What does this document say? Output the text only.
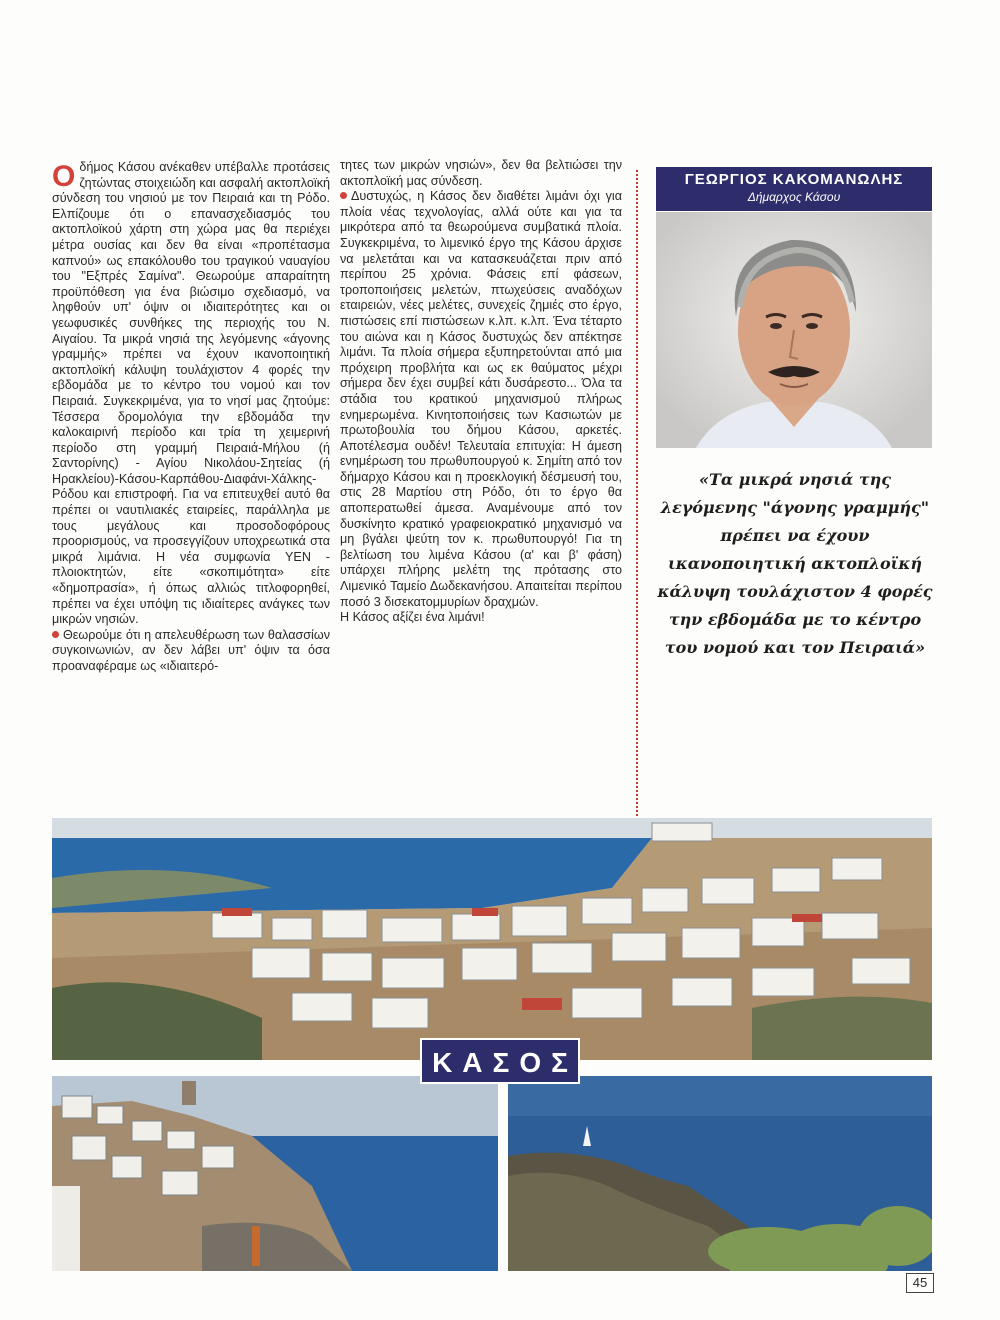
Οδήμος Κάσου ανέκαθεν υπέβαλλε προτάσεις ζητώντας στοιχειώδη και ασφαλή ακτοπλοϊκή σύνδεση του νησιού με τον Πειραιά και τη Ρόδο. Ελπίζουμε ότι ο επανασχεδιασμός του ακτοπλοϊκού χάρτη στη χώρα μας θα περιέχει μέτρα ουσίας και δεν θα είναι «προπέτασμα καπνού» ως επακόλουθο του τραγικού ναυαγίου του "Εξπρές Σαμίνα". Θεωρούμε απαραίτητη προϋπόθεση για ένα βιώσιμο σχεδιασμό, να ληφθούν υπ' όψιν οι ιδιαιτερότητες και οι γεωφυσικές συνθήκες της περιοχής του Ν. Αιγαίου. Τα μικρά νησιά της λεγόμενης «άγονης γραμμής» πρέπει να έχουν ικανοποιητική ακτοπλοϊκή κάλυψη τουλάχιστον 4 φορές την εβδομάδα με το κέντρο του νομού και τον Πειραιά. Συγκεκριμένα, για το νησί μας ζητούμε: Τέσσερα δρομολόγια την εβδομάδα την καλοκαιρινή περίοδο και τρία τη χειμερινή περίοδο στη γραμμή Πειραιά-Μήλου (ή Σαντορίνης) - Αγίου Νικολάου-Σητείας (ή Ηρακλείου)-Κάσου-Καρπάθου-Διαφάνι-Χάλκης-Ρόδου και επιστροφή. Για να επιτευχθεί αυτό θα πρέπει οι ναυτιλιακές εταιρείες, παράλληλα με τους μεγάλους και προσοδοφόρους προορισμούς, να προσεγγίζουν υποχρεωτικά στα μικρά λιμάνια. Η νέα συμφωνία ΥΕΝ - πλοιοκτητών, είτε «σκοπιμότητα» είτε «δημοπρασία», ή όπως αλλιώς τιτλοφορηθεί, πρέπει να έχει υπόψη τις ιδιαίτερες ανάγκες των μικρών νησιών.

Θεωρούμε ότι η απελευθέρωση των θαλασσίων συγκοινωνιών, αν δεν λάβει υπ' όψιν τα όσα προαναφέραμε ως «ιδιαιτερό-

τητες των μικρών νησιών», δεν θα βελτιώσει την ακτοπλοϊκή μας σύνδεση.

Δυστυχώς, η Κάσος δεν διαθέτει λιμάνι όχι για πλοία νέας τεχνολογίας, αλλά ούτε και για τα μικρότερα από τα θεωρούμενα συμβατικά πλοία. Συγκεκριμένα, το λιμενικό έργο της Κάσου άρχισε να μελετάται και να κατασκευάζεται πριν από περίπου 25 χρόνια. Φάσεις επί φάσεων, τροποποιήσεις μελετών, πτωχεύσεις αναδόχων εταιρειών, νέες μελέτες, συνεχείς ζημιές στο έργο, πιστώσεις επί πιστώσεων κ.λπ. κ.λπ. Ένα τέταρτο του αιώνα και η Κάσος δυστυχώς δεν απέκτησε λιμάνι. Τα πλοία σήμερα εξυπηρετούνται από μια πρόχειρη προβλήτα και ως εκ θαύματος μέχρι σήμερα δεν έχει συμβεί κάτι δυσάρεστο... Όλα τα στάδια του κρατικού μηχανισμού πλήρως ενημερωμένα. Κινητοποιήσεις των Κασιωτών με πρωτοβουλία του δήμου Κάσου, αρκετές. Αποτέλεσμα ουδέν! Τελευταία επιτυχία: Η άμεση ενημέρωση του πρωθυπουργού κ. Σημίτη από τον δήμαρχο Κάσου και η προεκλογική δέσμευσή του, στις 28 Μαρτίου στη Ρόδο, ότι το έργο θα αποπερατωθεί άμεσα. Αναμένουμε από τον δυσκίνητο κρατικό γραφειοκρατικό μηχανισμό να μη βγάλει ψεύτη τον κ. πρωθυπουργό! Για τη βελτίωση του λιμένα Κάσου (α' και β' φάση) υπάρχει πλήρης μελέτη της πρότασης στο Λιμενικό Ταμείο Δωδεκανήσου. Απαιτείται περίπου ποσό 3 δισεκατομμυρίων δραχμών.

Η Κάσος αξίζει ένα λιμάνι!

ΓΕΩΡΓΙΟΣ ΚΑΚΟΜΑΝΩΛΗΣ
Δήμαρχος Κάσου
«Τα μικρά νησιά της λεγόμενης "άγονης γραμμής" πρέπει να έχουν ικανοποιητική ακτοπλοϊκή κάλυψη τουλάχιστον 4 φορές την εβδομάδα με το κέντρο του νομού και τον Πειραιά»
ΚΑΣΟΣ
45
